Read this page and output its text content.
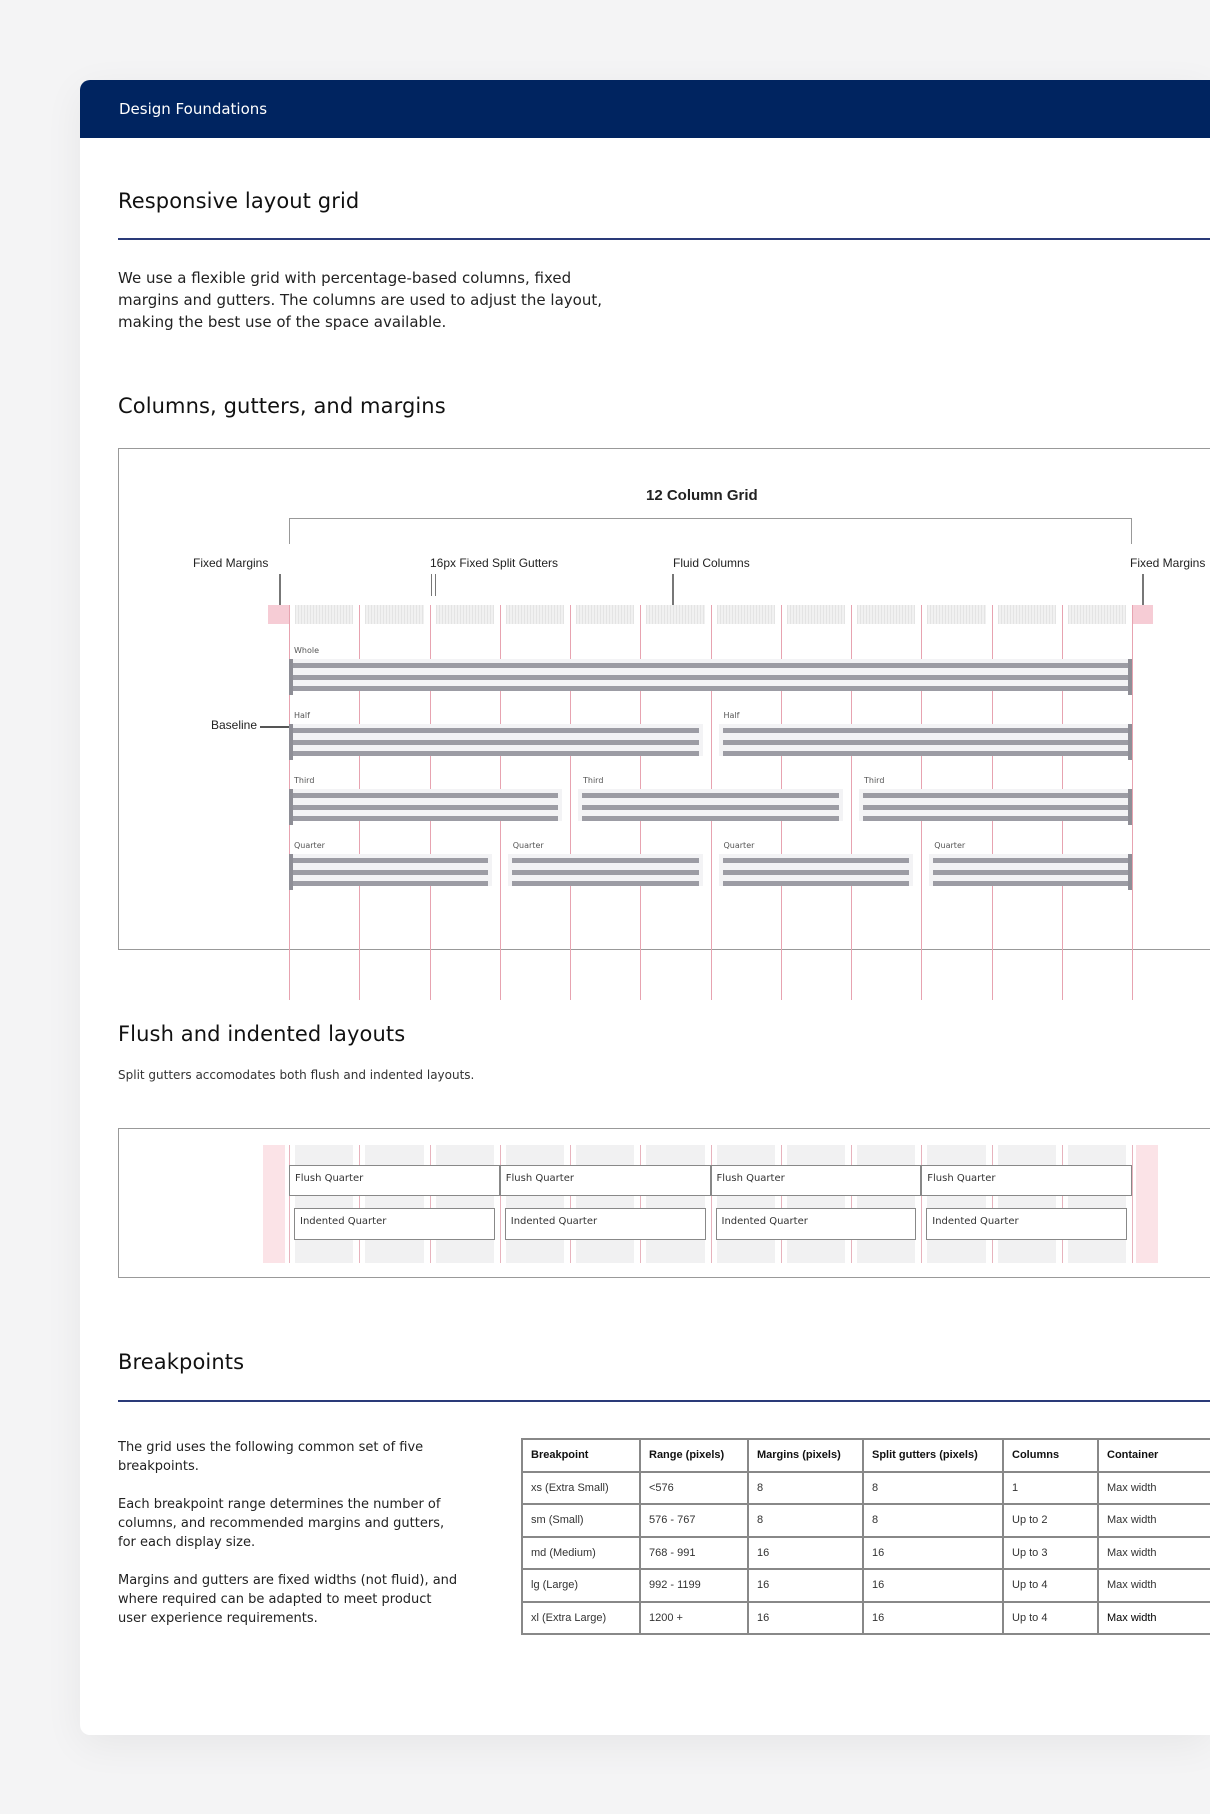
Design Foundations
Responsive layout grid
We use a flexible grid with percentage-based columns, fixed margins and gutters. The columns are used to adjust the layout, making the best use of the space available.
Columns, gutters, and margins
12 Column Grid
Fixed Margins	16px Fixed Split Gutters	Fluid Columns	Fixed Margins
Baseline
Whole
Half	Half
Third	Third	Third
Quarter	Quarter	Quarter	Quarter
Flush and indented layouts
Split gutters accomodates both flush and indented layouts.
Flush Quarter
Indented Quarter
Flush Quarter
Indented Quarter
Flush Quarter
Indented Quarter
Flush Quarter
Indented Quarter
Breakpoints

The grid uses the following common set of five breakpoints.

Each breakpoint range determines the number of columns, and recommended margins and gutters, for each display size.

Margins and gutters are fixed widths (not fluid), and where required can be adapted to meet product user experience requirements.

Breakpoint	Range (pixels)	Margins (pixels)	Split gutters (pixels)	Columns	Container
xs (Extra Small)	<576	8	8	1	Max width
sm (Small)	576 - 767	8	8	Up to 2	Max width
md (Medium)	768 - 991	16	16	Up to 3	Max width
lg (Large)	992 - 1199	16	16	Up to 4	Max width
xl (Extra Large)	1200 +	16	16	Up to 4	Max width
